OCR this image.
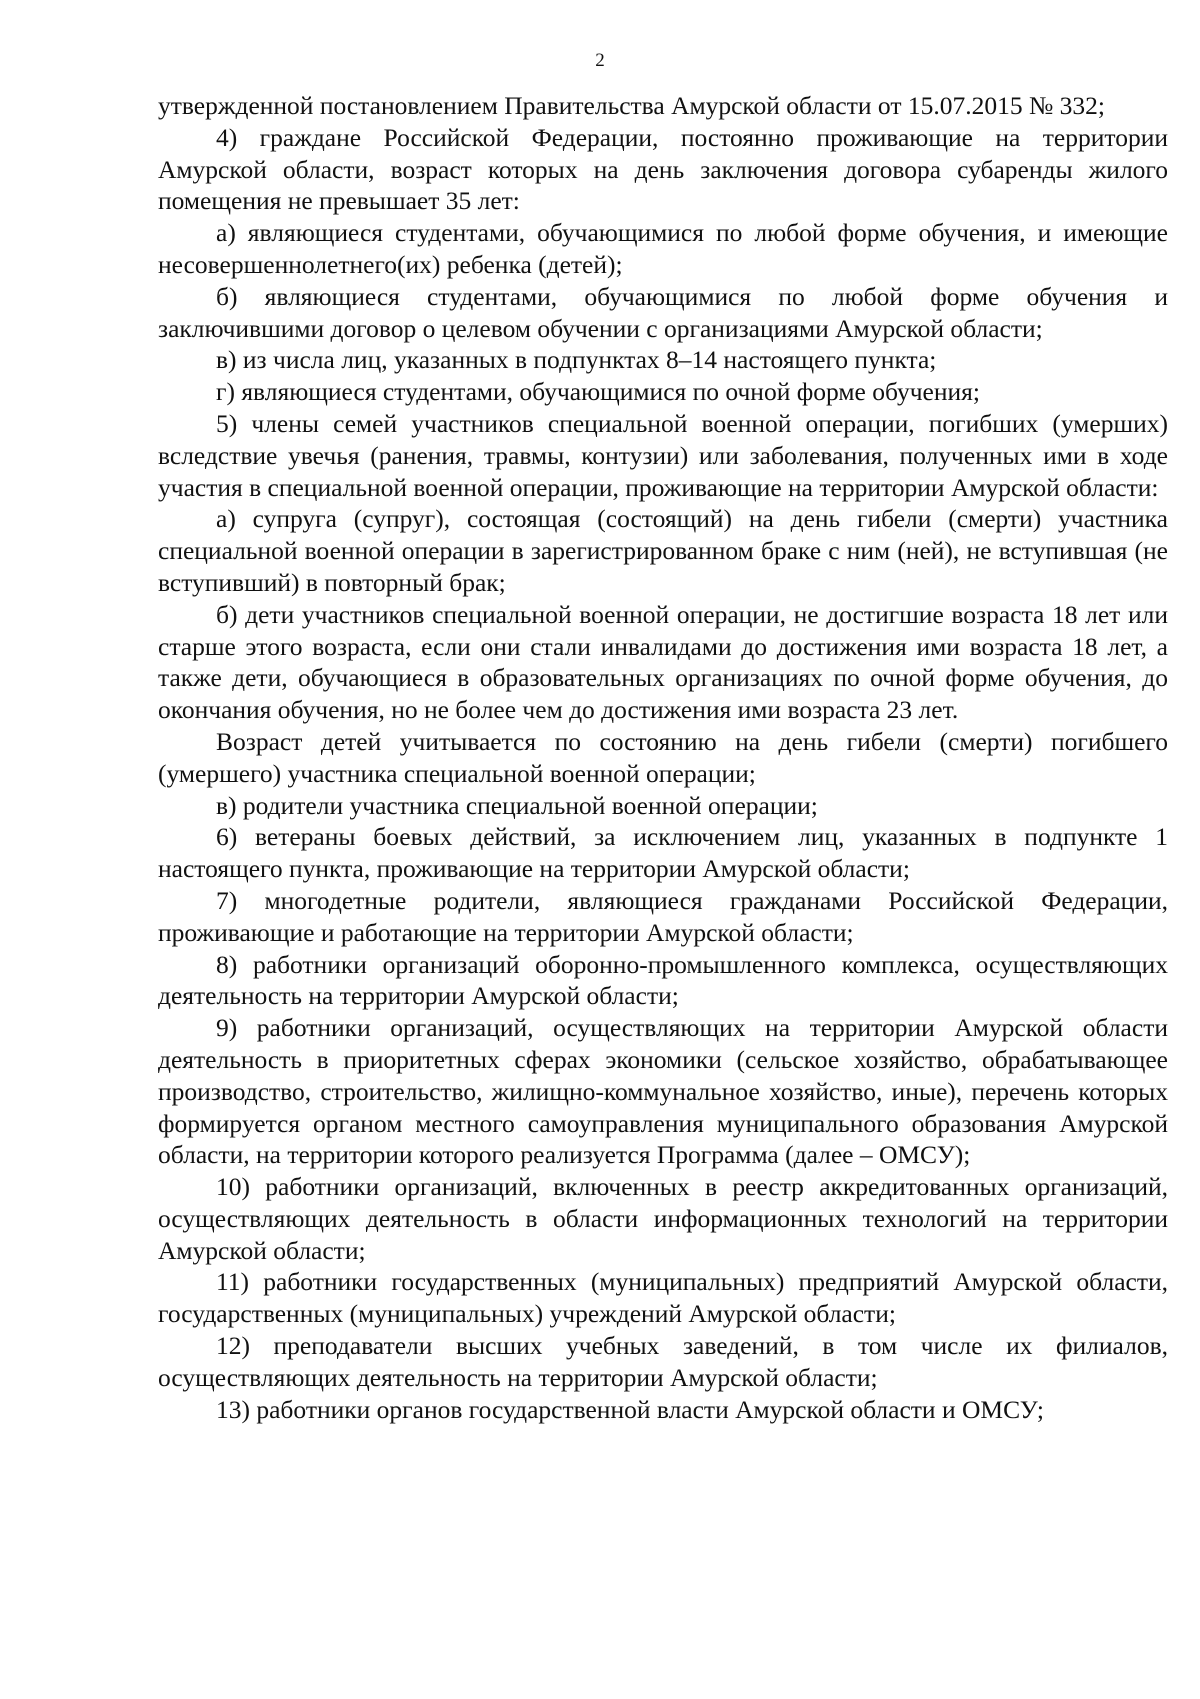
2

утвержденной постановлением Правительства Амурской области от 15.07.2015 № 332;

4) граждане Российской Федерации, постоянно проживающие на территории Амурской области, возраст которых на день заключения договора субаренды жилого помещения не превышает 35 лет:

а) являющиеся студентами, обучающимися по любой форме обучения, и имеющие несовершеннолетнего(их) ребенка (детей);

б) являющиеся студентами, обучающимися по любой форме обучения и заключившими договор о целевом обучении с организациями Амурской области;

в) из числа лиц, указанных в подпунктах 8–14 настоящего пункта;

г) являющиеся студентами, обучающимися по очной форме обучения;

5) члены семей участников специальной военной операции, погибших (умерших) вследствие увечья (ранения, травмы, контузии) или заболевания, полученных ими в ходе участия в специальной военной операции, проживающие на территории Амурской области:

а) супруга (супруг), состоящая (состоящий) на день гибели (смерти) участника специальной военной операции в зарегистрированном браке с ним (ней), не вступившая (не вступивший) в повторный брак;

б) дети участников специальной военной операции, не достигшие возраста 18 лет или старше этого возраста, если они стали инвалидами до достижения ими возраста 18 лет, а также дети, обучающиеся в образовательных организациях по очной форме обучения, до окончания обучения, но не более чем до достижения ими возраста 23 лет.

Возраст детей учитывается по состоянию на день гибели (смерти) погибшего (умершего) участника специальной военной операции;

в) родители участника специальной военной операции;

6) ветераны боевых действий, за исключением лиц, указанных в подпункте 1 настоящего пункта, проживающие на территории Амурской области;

7) многодетные родители, являющиеся гражданами Российской Федерации, проживающие и работающие на территории Амурской области;

8) работники организаций оборонно-промышленного комплекса, осуществляющих деятельность на территории Амурской области;

9) работники организаций, осуществляющих на территории Амурской области деятельность в приоритетных сферах экономики (сельское хозяйство, обрабатывающее производство, строительство, жилищно-коммунальное хозяйство, иные), перечень которых формируется органом местного самоуправления муниципального образования Амурской области, на территории которого реализуется Программа (далее – ОМСУ);

10) работники организаций, включенных в реестр аккредитованных организаций, осуществляющих деятельность в области информационных технологий на территории Амурской области;

11) работники государственных (муниципальных) предприятий Амурской области, государственных (муниципальных) учреждений Амурской области;

12) преподаватели высших учебных заведений, в том числе их филиалов, осуществляющих деятельность на территории Амурской области;

13) работники органов государственной власти Амурской области и ОМСУ;
